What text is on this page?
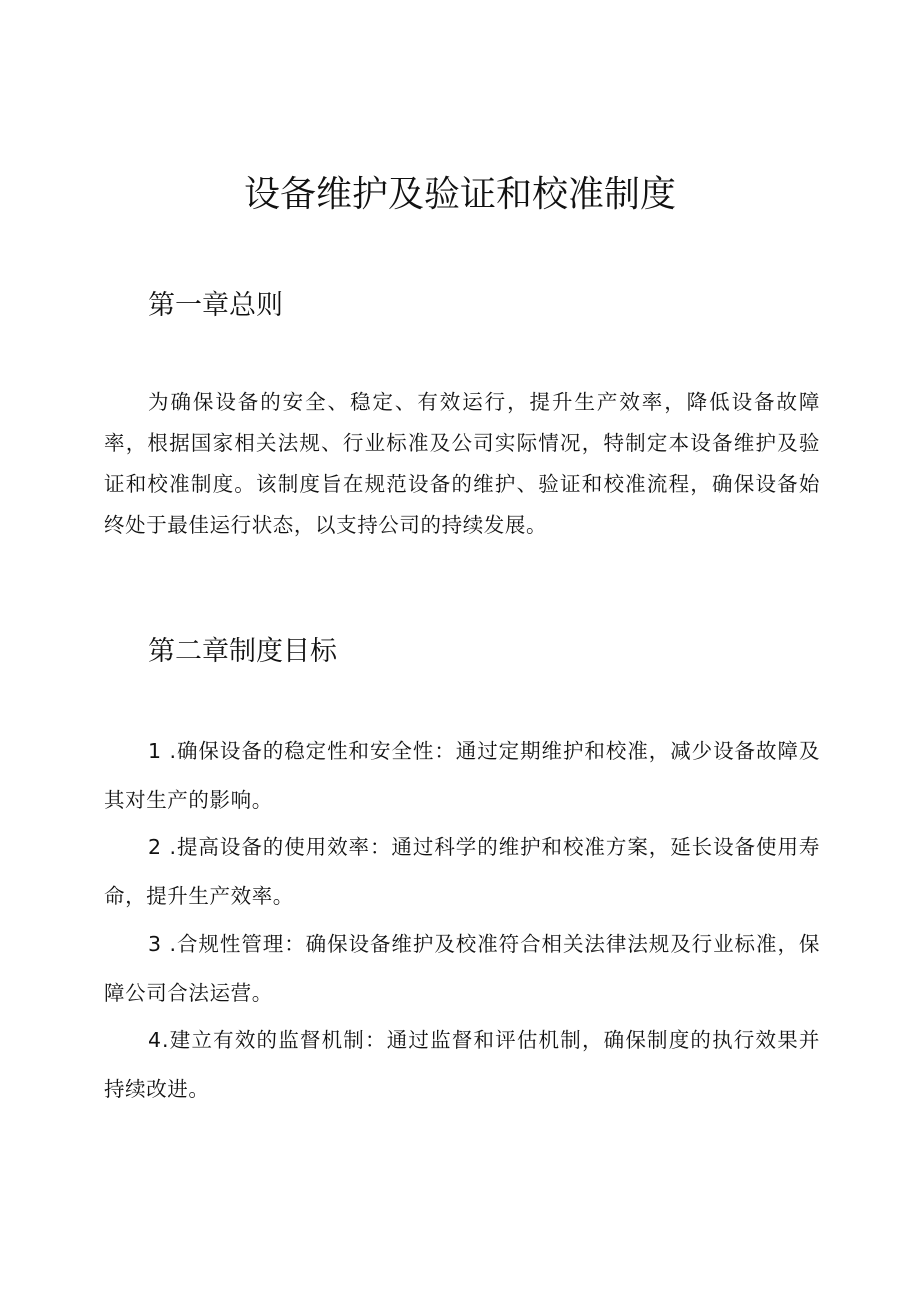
设备维护及验证和校准制度
第一章总则

为确保设备的安全、稳定、有效运行，提升生产效率，降低设备故障率，根据国家相关法规、行业标准及公司实际情况，特制定本设备维护及验证和校准制度。该制度旨在规范设备的维护、验证和校准流程，确保设备始终处于最佳运行状态，以支持公司的持续发展。

第二章制度目标

1 .确保设备的稳定性和安全性：通过定期维护和校准，减少设备故障及其对生产的影响。

2 .提高设备的使用效率：通过科学的维护和校准方案，延长设备使用寿命，提升生产效率。

3 .合规性管理：确保设备维护及校准符合相关法律法规及行业标准，保障公司合法运营。

4.建立有效的监督机制：通过监督和评估机制，确保制度的执行效果并持续改进。
